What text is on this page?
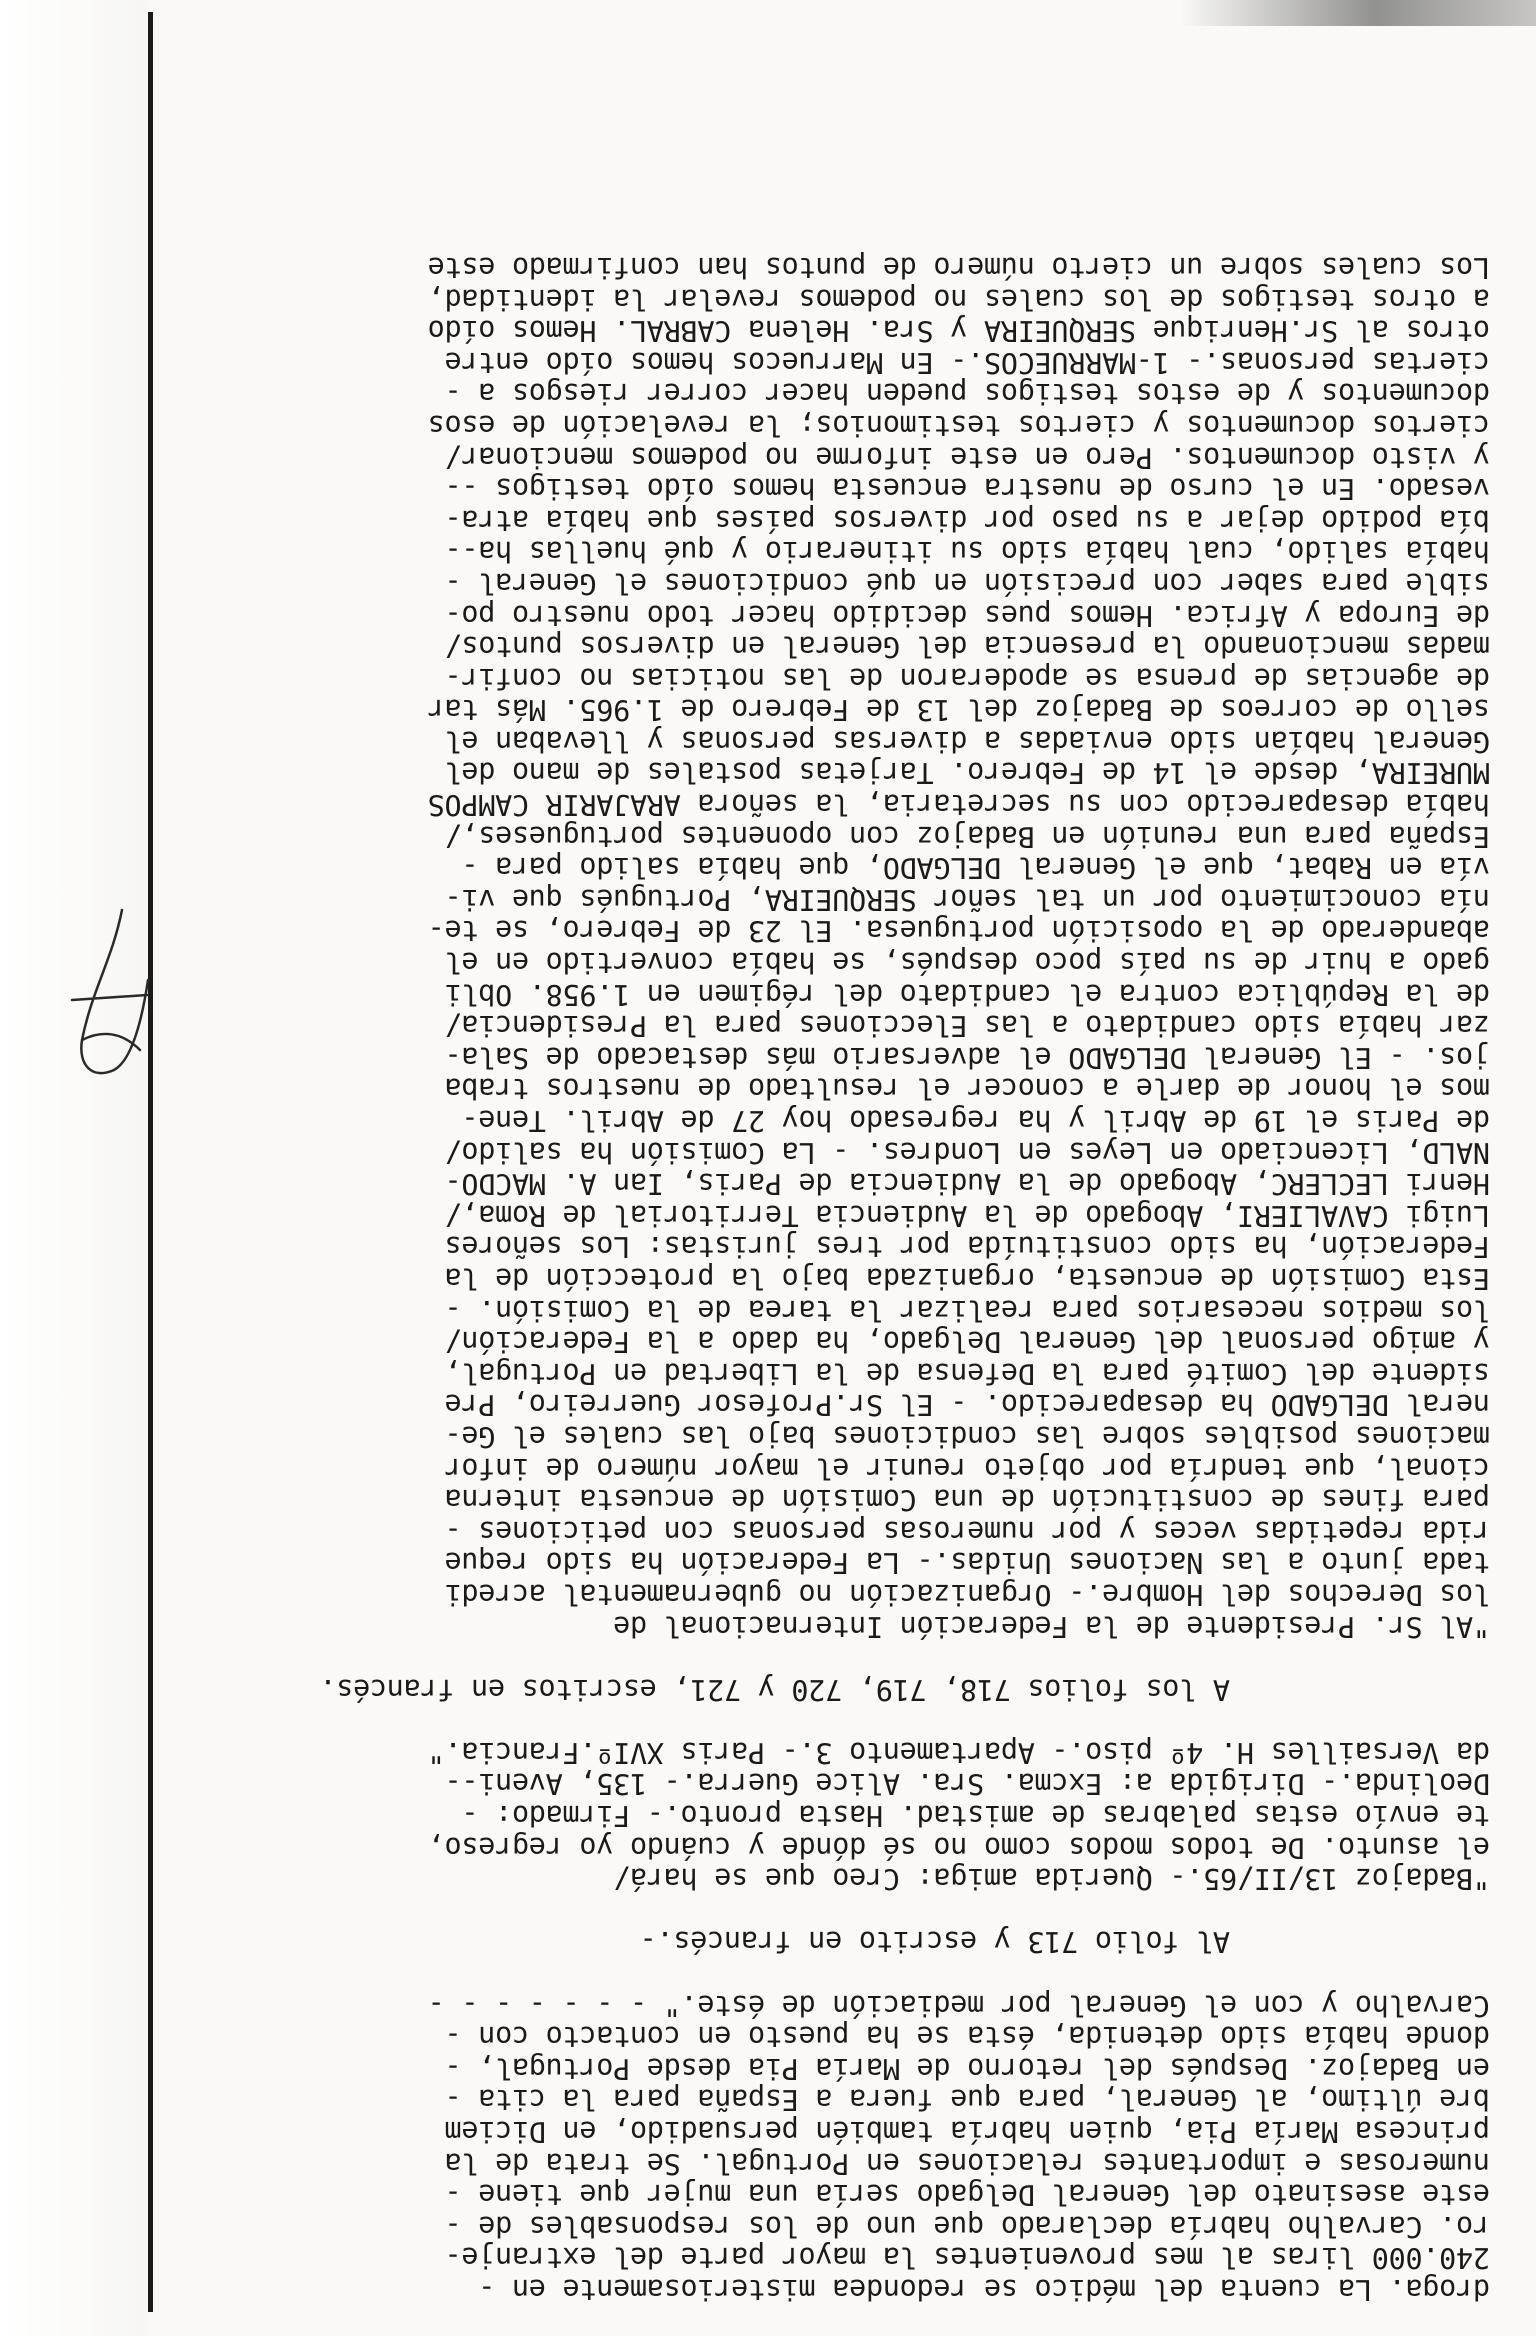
droga. La cuenta del médico se redondea misteriosamente en -

240.000 liras al mes provenientes la mayor parte del extranje-

ro. Carvalho habría declarado que uno de los responsables de -

este asesinato del General Delgado sería una mujer que tiene -

numerosas e importantes relaciones en Portugal. Se trata de la

princesa María Pia, quien habría también persuadido, en Diciem

bre último, al General, para que fuera a España para la cita -

en Badajoz. Después del retorno de María Pia desde Portugal, -

donde había sido detenida, ésta se ha puesto en contacto con -

Carvalho y con el General por mediación de éste." - - - - - - -

Al folio 713 y escrito en francés.-

"Badajoz 13/II/65.- Querida amiga: Creo que se hará/

el asunto. De todos modos como no sé dónde y cuándo yo regreso,

te envío estas palabras de amistad. Hasta pronto.- Firmado: -

Deolinda.- Dirigida a: Excma. Sra. Alice Guerra.- 135, Aveni--

da Versailles H. 4º piso.- Apartamento 3.- Paris XVIº.Francia."

A los folios 718, 719, 720 y 721, escritos en francés.

"Al Sr. Presidente de la Federación Internacional de

los Derechos del Hombre.- Organización no gubernamental acredi

tada junto a las Naciones Unidas.- La Federación ha sido reque

rida repetidas veces y por numerosas personas con peticiones -

para fines de constitución de una Comisión de encuesta interna

cional, que tendría por objeto reunir el mayor número de infor

maciones posibles sobre las condiciones bajo las cuales el Ge-

neral DELGADO ha desaparecido. - El Sr.Profesor Guerreiro, Pre

sidente del Comité para la Defensa de la Libertad en Portugal,

y amigo personal del General Delgado, ha dado a la Federación/

los medios necesarios para realizar la tarea de la Comisión. -

Esta Comisión de encuesta, organizada bajo la protección de la

Federación, ha sido constituída por tres juristas: Los señores

Luigi CAVALIERI, Abogado de la Audiencia Territorial de Roma,/

Henri LECLERC, Abogado de la Audiencia de Paris, Ian A. MACDO-

NALD, Licenciado en Leyes en Londres. - La Comisión ha salido/

de Paris el 19 de Abril y ha regresado hoy 27 de Abril. Tene-

mos el honor de darle a conocer el resultado de nuestros traba

jos. - El General DELGADO el adversario más destacado de Sala-

zar había sido candidato a las Elecciones para la Presidencia/

de la República contra el candidato del régimen en 1.958. Obli

gado a huir de su país poco después, se había convertido en el

abanderado de la oposición portuguesa. El 23 de Febrero, se te-

nía conocimiento por un tal señor SERQUEIRA, Portugués que vi-

vía en Rabat, que el General DELGADO, que había salido para -

España para una reunión en Badajoz con oponentes portugueses,/

había desaparecido con su secretaria, la señora ARAJARIR CAMPOS

MUREIRA, desde el 14 de Febrero. Tarjetas postales de mano del

General habían sido enviadas a diversas personas y llevaban el

sello de correos de Badajoz del 13 de Febrero de 1.965. Más tar

de agencias de prensa se apoderaron de las noticias no confir-

madas mencionando la presencia del General en diversos puntos/

de Europa y Africa. Hemos pues decidido hacer todo nuestro po-

sible para saber con precisión en qué condiciones el General -

había salido, cual había sido su itinerario y qué huellas ha--

bía podido dejar a su paso por diversos países que había atra-

vesado. En el curso de nuestra encuesta hemos oído testigos --

y visto documentos. Pero en este informe no podemos mencionar/

ciertos documentos y ciertos testimonios; la revelación de esos

documentos y de estos testigos pueden hacer correr riesgos a -

ciertas personas.- 1-MARRUECOS.- En Marruecos hemos oído entre

otros al Sr.Henrique SERQUEIRA y Sra. Helena CABRAL. Hemos oído

a otros testigos de los cuales no podemos revelar la identidad,

Los cuales sobre un cierto número de puntos han confirmado este
